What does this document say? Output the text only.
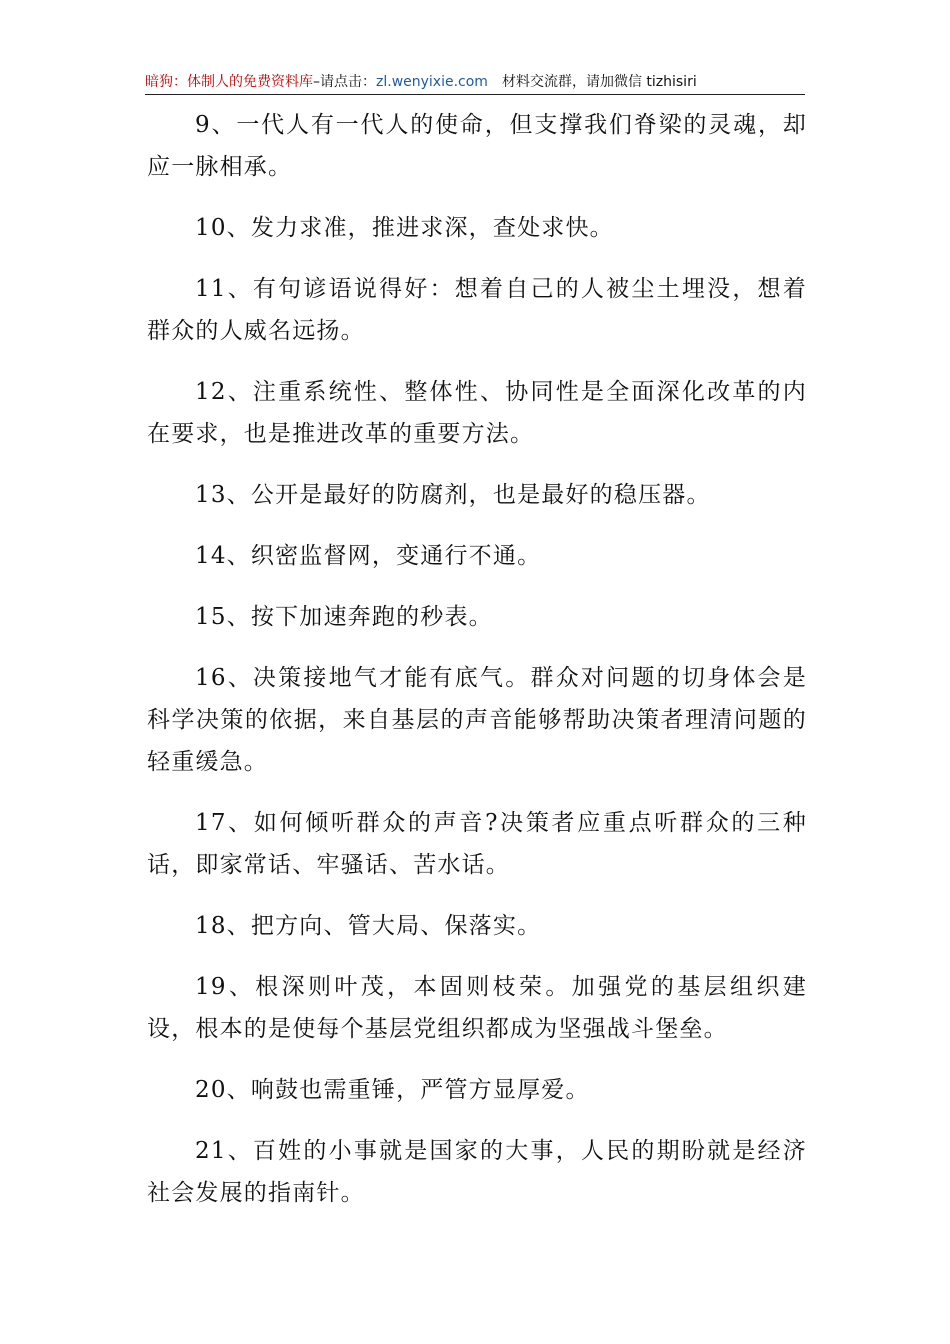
暗狗：体制人的免费资料库–请点击：zl.wenyixie.com 材料交流群，请加微信 tizhisiri

9、一代人有一代人的使命，但支撑我们脊梁的灵魂，却应一脉相承。

10、发力求准，推进求深，查处求快。

11、有句谚语说得好：想着自己的人被尘土埋没，想着群众的人威名远扬。

12、注重系统性、整体性、协同性是全面深化改革的内在要求，也是推进改革的重要方法。

13、公开是最好的防腐剂，也是最好的稳压器。

14、织密监督网，变通行不通。

15、按下加速奔跑的秒表。

16、决策接地气才能有底气。群众对问题的切身体会是科学决策的依据，来自基层的声音能够帮助决策者理清问题的轻重缓急。

17、如何倾听群众的声音?决策者应重点听群众的三种话，即家常话、牢骚话、苦水话。

18、把方向、管大局、保落实。

19、根深则叶茂，本固则枝荣。加强党的基层组织建设，根本的是使每个基层党组织都成为坚强战斗堡垒。

20、响鼓也需重锤，严管方显厚爱。

21、百姓的小事就是国家的大事，人民的期盼就是经济社会发展的指南针。
